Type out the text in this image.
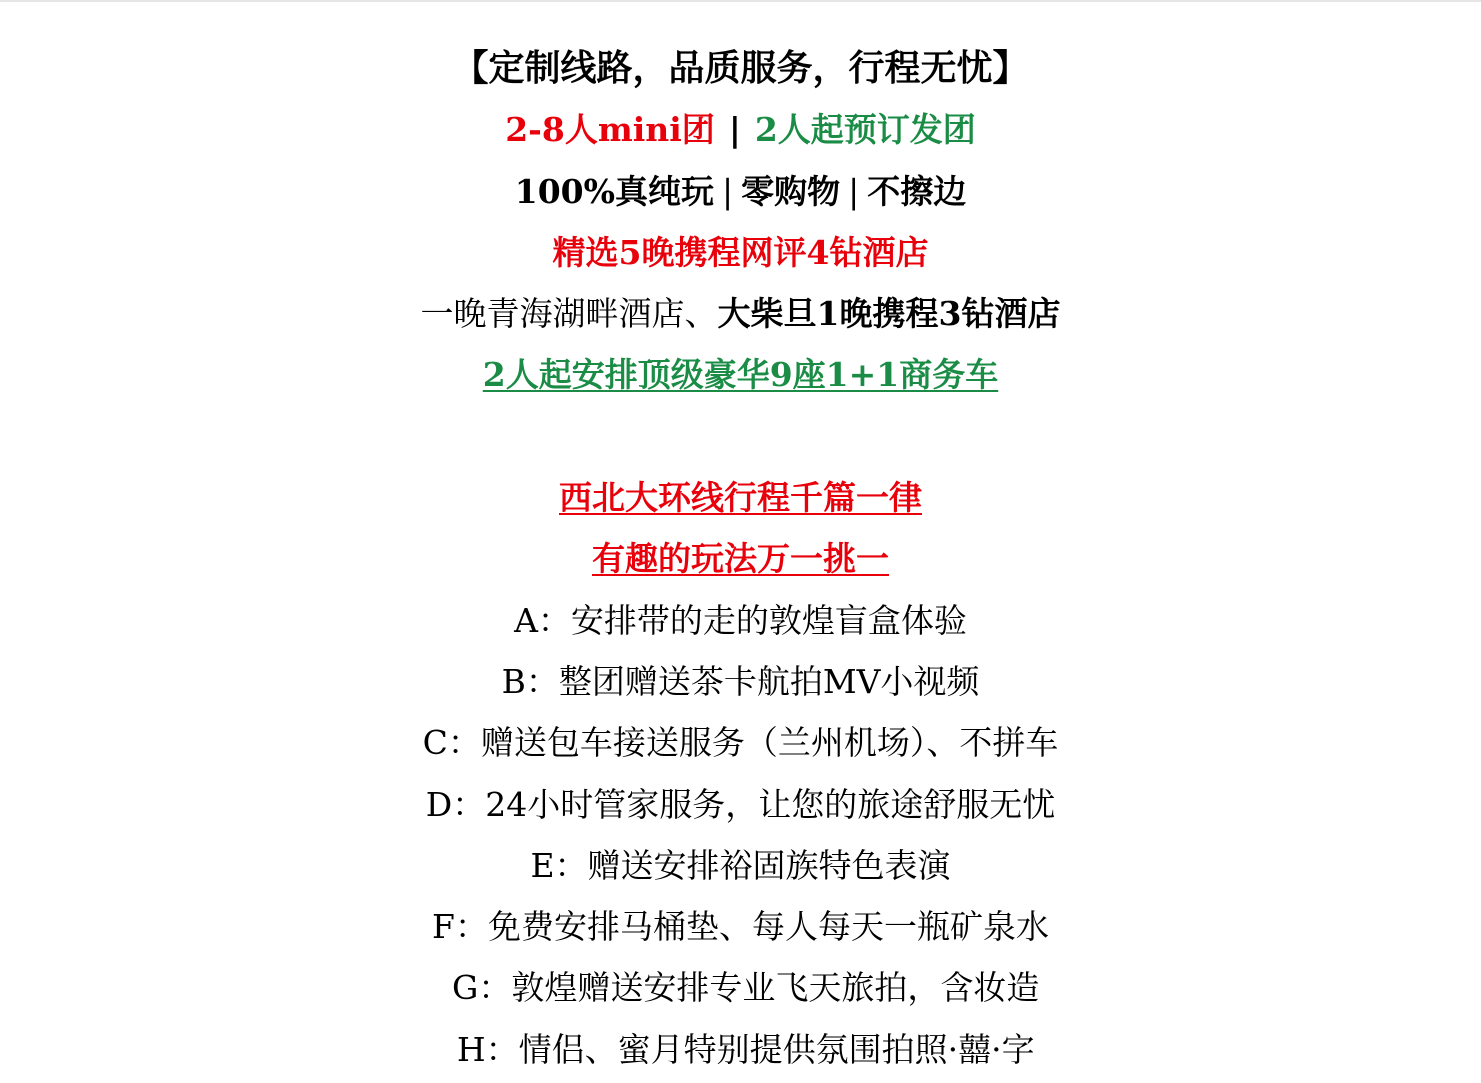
【定制线路，品质服务，行程无忧】
2-8人mini团 | 2人起预订发团
100%真纯玩 | 零购物 | 不擦边
精选5晚携程网评4钻酒店
一晚青海湖畔酒店、大柴旦1晚携程3钻酒店
2人起安排顶级豪华9座1+1商务车
西北大环线行程千篇一律
有趣的玩法万一挑一
A：安排带的走的敦煌盲盒体验
B：整团赠送茶卡航拍MV小视频
C：赠送包车接送服务（兰州机场）、不拼车
D：24小时管家服务，让您的旅途舒服无忧
E：赠送安排裕固族特色表演
F：免费安排马桶垫、每人每天一瓶矿泉水
G：敦煌赠送安排专业飞天旅拍，含妆造
H：情侣、蜜月特别提供氛围拍照·囍·字
